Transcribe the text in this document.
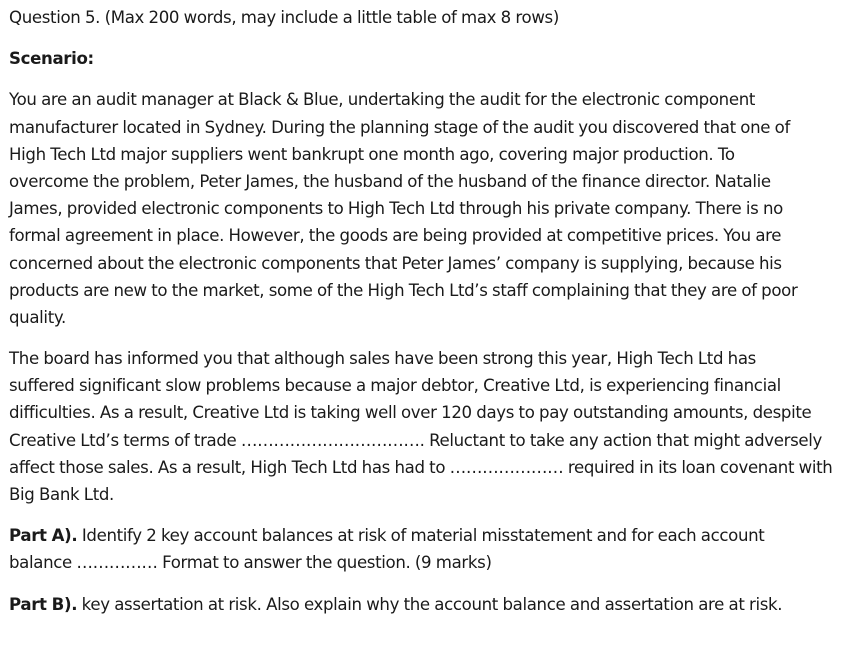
Question 5. (Max 200 words, may include a little table of max 8 rows)
Scenario:
You are an audit manager at Black & Blue, undertaking the audit for the electronic component
manufacturer located in Sydney. During the planning stage of the audit you discovered that one of
High Tech Ltd major suppliers went bankrupt one month ago, covering major production. To
overcome the problem, Peter James, the husband of the husband of the finance director. Natalie
James, provided electronic components to High Tech Ltd through his private company. There is no
formal agreement in place. However, the goods are being provided at competitive prices. You are
concerned about the electronic components that Peter James’ company is supplying, because his
products are new to the market, some of the High Tech Ltd’s staff complaining that they are of poor
quality.
The board has informed you that although sales have been strong this year, High Tech Ltd has
suffered significant slow problems because a major debtor, Creative Ltd, is experiencing financial
difficulties. As a result, Creative Ltd is taking well over 120 days to pay outstanding amounts, despite
Creative Ltd’s terms of trade ……………………………. Reluctant to take any action that might adversely
affect those sales. As a result, High Tech Ltd has had to ………………… required in its loan covenant with
Big Bank Ltd.
Part A). Identify 2 key account balances at risk of material misstatement and for each account
balance …………… Format to answer the question. (9 marks)
Part B). key assertation at risk. Also explain why the account balance and assertation are at risk.
